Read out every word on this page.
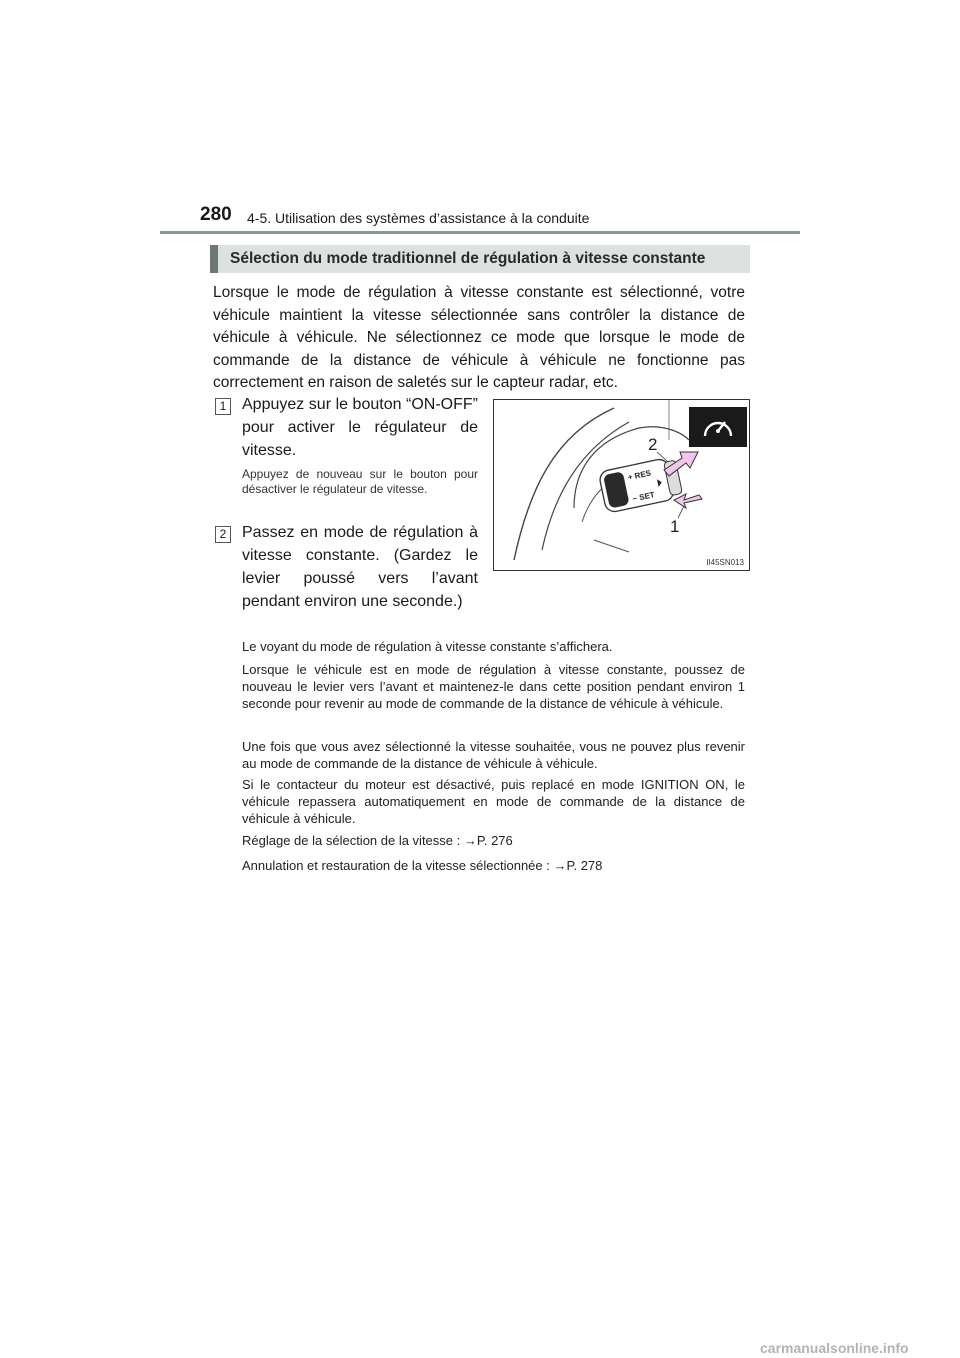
280 4-5. Utilisation des systèmes d’assistance à la conduite
Sélection du mode traditionnel de régulation à vitesse constante

Lorsque le mode de régulation à vitesse constante est sélectionné, votre véhicule maintient la vitesse sélectionnée sans contrôler la distance de véhicule à véhicule. Ne sélectionnez ce mode que lorsque le mode de commande de la distance de véhicule à véhicule ne fonctionne pas correctement en raison de saletés sur le capteur radar, etc.

1 Appuyez sur le bouton “ON-OFF” pour activer le régulateur de vitesse.
Appuyez de nouveau sur le bouton pour désactiver le régulateur de vitesse.
2 Passez en mode de régulation à vitesse constante. (Gardez le levier poussé vers l’avant pendant environ une seconde.)
+ RES
− SET
2
1
II45SN013

Le voyant du mode de régulation à vitesse constante s’affichera.

Lorsque le véhicule est en mode de régulation à vitesse constante, poussez de nouveau le levier vers l’avant et maintenez-le dans cette position pendant environ 1 seconde pour revenir au mode de commande de la distance de véhicule à véhicule.

Une fois que vous avez sélectionné la vitesse souhaitée, vous ne pouvez plus revenir au mode de commande de la distance de véhicule à véhicule.

Si le contacteur du moteur est désactivé, puis replacé en mode IGNITION ON, le véhicule repassera automatiquement en mode de commande de la distance de véhicule à véhicule.

Réglage de la sélection de la vitesse : →P. 276

Annulation et restauration de la vitesse sélectionnée : →P. 278

carmanualsonline.info
